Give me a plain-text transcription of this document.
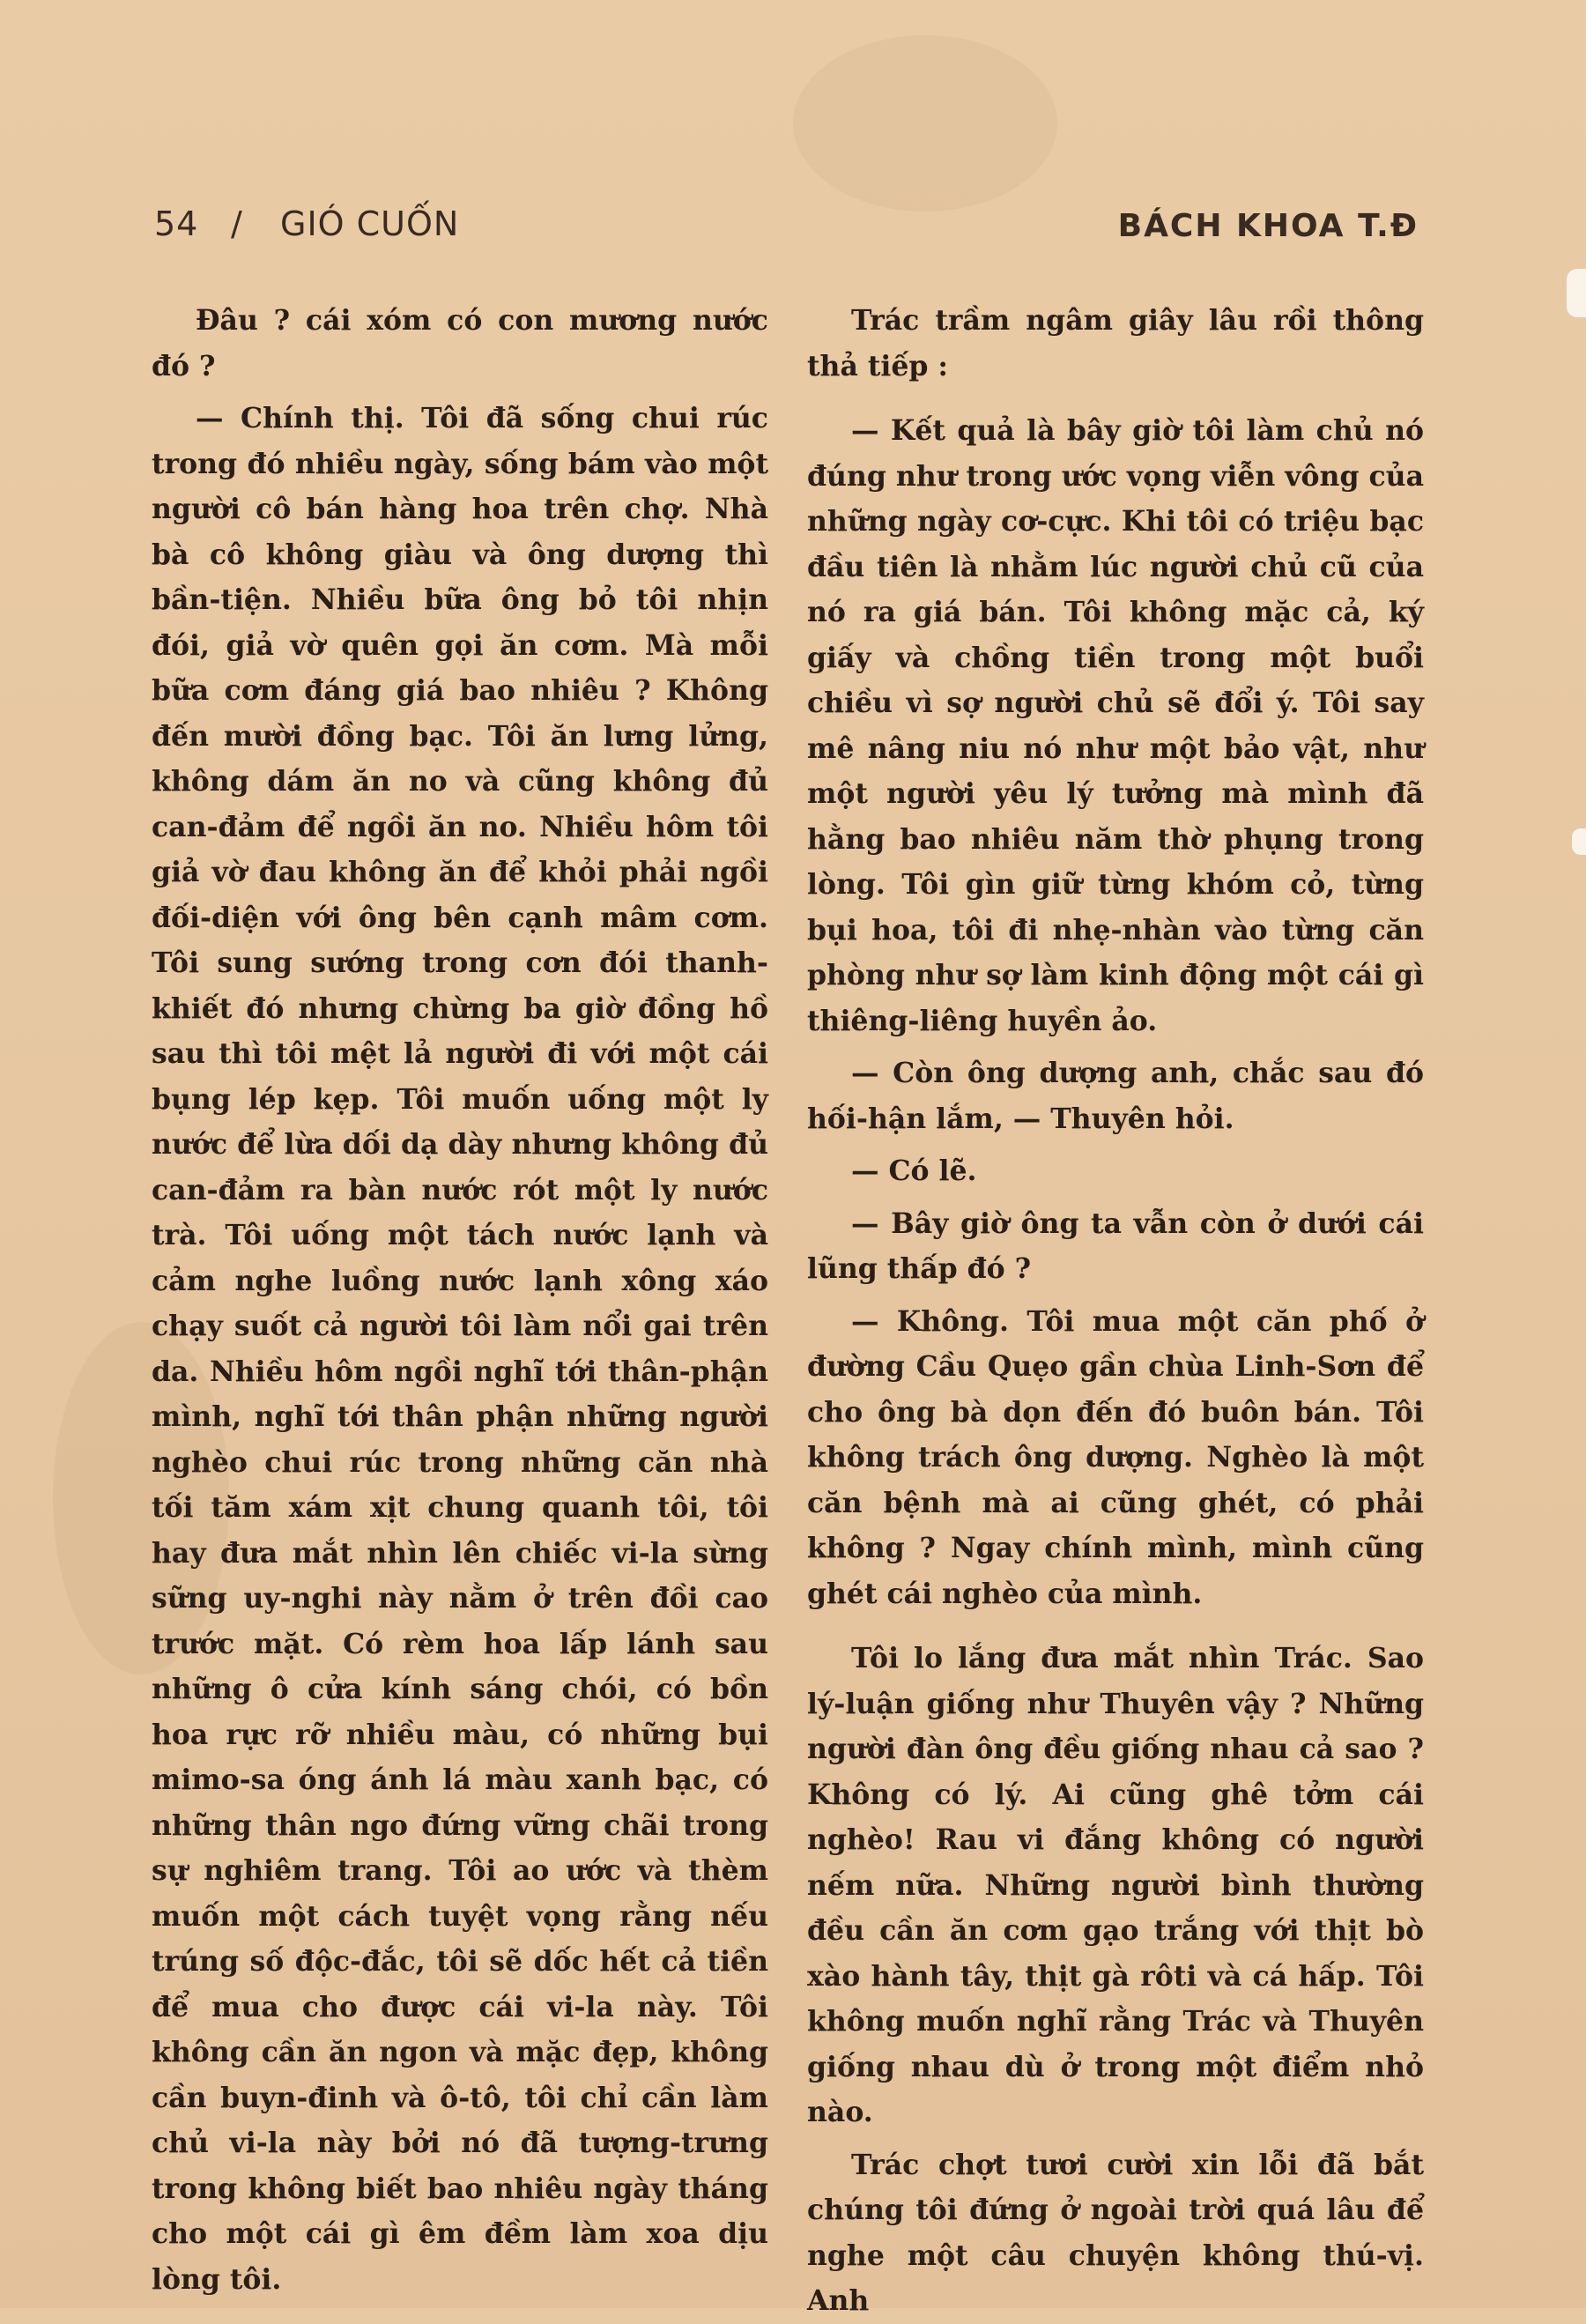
54 / GIÓ CUỐN	BÁCH KHOA T.Đ

Đâu ? cái xóm có con mương nước đó ?

— Chính thị. Tôi đã sống chui rúc trong đó nhiều ngày, sống bám vào một người cô bán hàng hoa trên chợ. Nhà bà cô không giàu và ông dượng thì bần-tiện. Nhiều bữa ông bỏ tôi nhịn đói, giả vờ quên gọi ăn cơm. Mà mỗi bữa cơm đáng giá bao nhiêu ? Không đến mười đồng bạc. Tôi ăn lưng lửng, không dám ăn no và cũng không đủ can-đảm để ngồi ăn no. Nhiều hôm tôi giả vờ đau không ăn để khỏi phải ngồi đối-diện với ông bên cạnh mâm cơm. Tôi sung sướng trong cơn đói thanh-khiết đó nhưng chừng ba giờ đồng hồ sau thì tôi mệt lả người đi với một cái bụng lép kẹp. Tôi muốn uống một ly nước để lừa dối dạ dày nhưng không đủ can-đảm ra bàn nước rót một ly nước trà. Tôi uống một tách nước lạnh và cảm nghe luồng nước lạnh xông xáo chạy suốt cả người tôi làm nổi gai trên da. Nhiều hôm ngồi nghĩ tới thân-phận mình, nghĩ tới thân phận những người nghèo chui rúc trong những căn nhà tối tăm xám xịt chung quanh tôi, tôi hay đưa mắt nhìn lên chiếc vi-la sừng sững uy-nghi này nằm ở trên đồi cao trước mặt. Có rèm hoa lấp lánh sau những ô cửa kính sáng chói, có bồn hoa rực rỡ nhiều màu, có những bụi mimo-sa óng ánh lá màu xanh bạc, có những thân ngo đứng vững chãi trong sự nghiêm trang. Tôi ao ước và thèm muốn một cách tuyệt vọng rằng nếu trúng số độc-đắc, tôi sẽ dốc hết cả tiền để mua cho được cái vi-la này. Tôi không cần ăn ngon và mặc đẹp, không cần buyn-đinh và ô-tô, tôi chỉ cần làm chủ vi-la này bởi nó đã tượng-trưng trong không biết bao nhiêu ngày tháng cho một cái gì êm đềm làm xoa dịu lòng tôi.

Trác trầm ngâm giây lâu rồi thông thả tiếp :

— Kết quả là bây giờ tôi làm chủ nó đúng như trong ước vọng viễn vông của những ngày cơ-cực. Khi tôi có triệu bạc đầu tiên là nhằm lúc người chủ cũ của nó ra giá bán. Tôi không mặc cả, ký giấy và chồng tiền trong một buổi chiều vì sợ người chủ sẽ đổi ý. Tôi say mê nâng niu nó như một bảo vật, như một người yêu lý tưởng mà mình đã hằng bao nhiêu năm thờ phụng trong lòng. Tôi gìn giữ từng khóm cỏ, từng bụi hoa, tôi đi nhẹ-nhàn vào từng căn phòng như sợ làm kinh động một cái gì thiêng-liêng huyền ảo.

— Còn ông dượng anh, chắc sau đó hối-hận lắm, — Thuyên hỏi.

— Có lẽ.

— Bây giờ ông ta vẫn còn ở dưới cái lũng thấp đó ?

— Không. Tôi mua một căn phố ở đường Cầu Quẹo gần chùa Linh-Sơn để cho ông bà dọn đến đó buôn bán. Tôi không trách ông dượng. Nghèo là một căn bệnh mà ai cũng ghét, có phải không ? Ngay chính mình, mình cũng ghét cái nghèo của mình.

Tôi lo lắng đưa mắt nhìn Trác. Sao lý-luận giống như Thuyên vậy ? Những người đàn ông đều giống nhau cả sao ? Không có lý. Ai cũng ghê tởm cái nghèo! Rau vi đắng không có người nếm nữa. Những người bình thường đều cần ăn cơm gạo trắng với thịt bò xào hành tây, thịt gà rôti và cá hấp. Tôi không muốn nghĩ rằng Trác và Thuyên giống nhau dù ở trong một điểm nhỏ nào.

Trác chợt tươi cười xin lỗi đã bắt chúng tôi đứng ở ngoài trời quá lâu để nghe một câu chuyện không thú-vị. Anh
